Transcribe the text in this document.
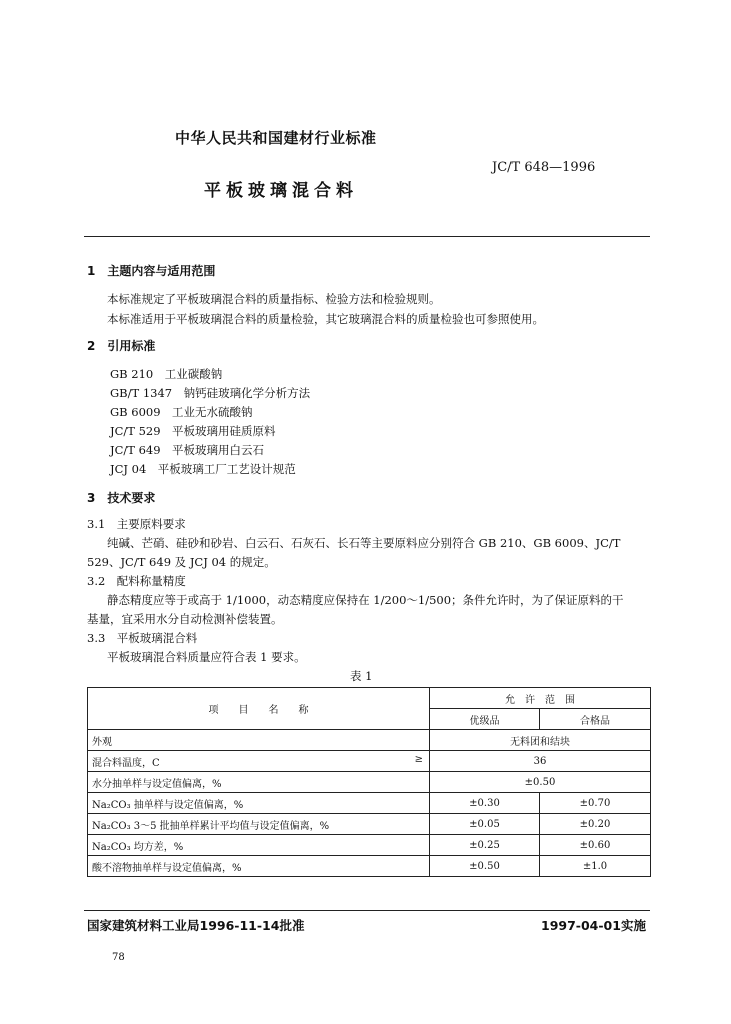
中华人民共和国建材行业标准
JC/T 648—1996
平板玻璃混合料
1　主题内容与适用范围
本标准规定了平板玻璃混合料的质量指标、检验方法和检验规则。
本标准适用于平板玻璃混合料的质量检验，其它玻璃混合料的质量检验也可参照使用。
2　引用标准
GB 210　工业碳酸钠
GB/T 1347　钠钙硅玻璃化学分析方法
GB 6009　工业无水硫酸钠
JC/T 529　平板玻璃用硅质原料
JC/T 649　平板玻璃用白云石
JCJ 04　平板玻璃工厂工艺设计规范
3　技术要求
3.1　主要原料要求
纯碱、芒硝、硅砂和砂岩、白云石、石灰石、长石等主要原料应分别符合 GB 210、GB 6009、JC/T
529、JC/T 649 及 JCJ 04 的规定。
3.2　配料称量精度
静态精度应等于或高于 1/1000，动态精度应保持在 1/200～1/500；条件允许时，为了保证原料的干
基量，宜采用水分自动检测补偿装置。
3.3　平板玻璃混合料
平板玻璃混合料质量应符合表 1 要求。
表 1
项　　目　　名　　称	允　许　范　围	
	优级品	合格品
外观	无料团和结块	
混合料温度，C ≥	36	
水分抽单样与设定值偏离，%	±0.50	
Na₂CO₃ 抽单样与设定值偏离，%	±0.30	±0.70
Na₂CO₃ 3～5 批抽单样累计平均值与设定值偏离，%	±0.05	±0.20
Na₂CO₃ 均方差，%	±0.25	±0.60
酸不溶物抽单样与设定值偏离，%	±0.50	±1.0
国家建筑材料工业局1996-11-14批准	1997-04-01实施
78
